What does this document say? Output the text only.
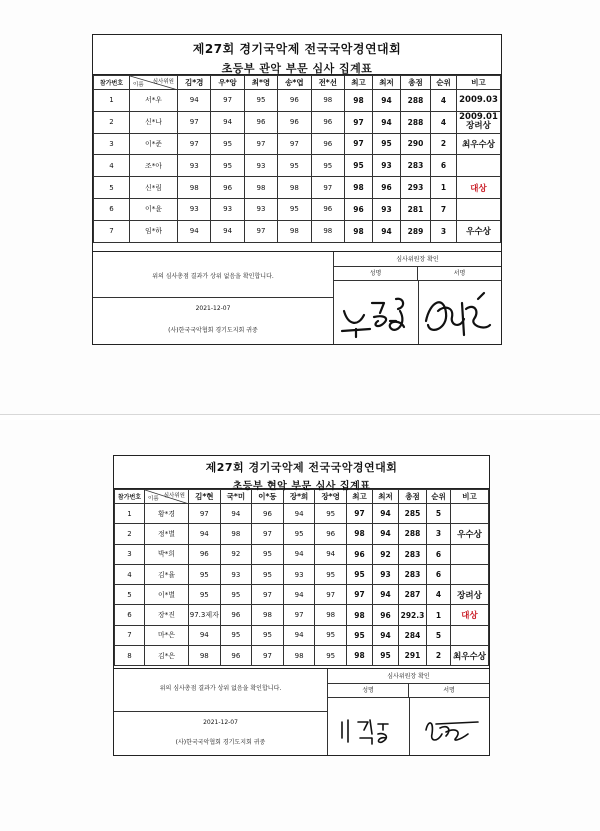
제27회 경기국악제 전국국악경연대회
초등부 관악 부문 심사 집계표
참가번호	심사위원
이름	김*경	우*앙	최*영	송*엽	전*선	최고	최저	총점	순위	비고
1	서*우	94	97	95	96	98	98	94	288	4	2009.03
2	신*나	97	94	96	96	96	97	94	288	4	2009.01 장려상
3	이*준	97	95	97	97	96	97	95	290	2	최우수상
4	조*아	93	95	93	95	95	95	93	283	6	
5	신*림	98	96	98	98	97	98	96	293	1	대상
6	이*윤	93	93	93	95	96	96	93	281	7	
7	임*하	94	94	97	98	98	98	94	289	3	우수상
위의 심사총점 결과가 상위 없음을 확인합니다.
2021-12-07
(사)한국국악협회 경기도지회 귀중
심사위원장 확인
성명	서명
제27회 경기국악제 전국국악경연대회
초등부 현악 부문 심사 집계표
참가번호	심사위원
이름	김*현	국*미	이*동	장*희	장*영	최고	최저	총점	순위	비고
1	황*경	97	94	96	94	95	97	94	285	5	
2	정*별	94	98	97	95	96	98	94	288	3	우수상
3	박*희	96	92	95	94	94	96	92	283	6	
4	김*율	95	93	95	93	95	95	93	283	6	
5	이*별	95	95	97	94	97	97	94	287	4	장려상
6	장*진	97.3제자	96	98	97	98	98	96	292.3	1	대상
7	마*은	94	95	95	94	95	95	94	284	5	
8	김*은	98	96	97	98	95	98	95	291	2	최우수상
위의 심사총점 결과가 상위 없음을 확인합니다.
2021-12-07
(사)한국국악협회 경기도지회 귀중
심사위원장 확인
성명	서명
